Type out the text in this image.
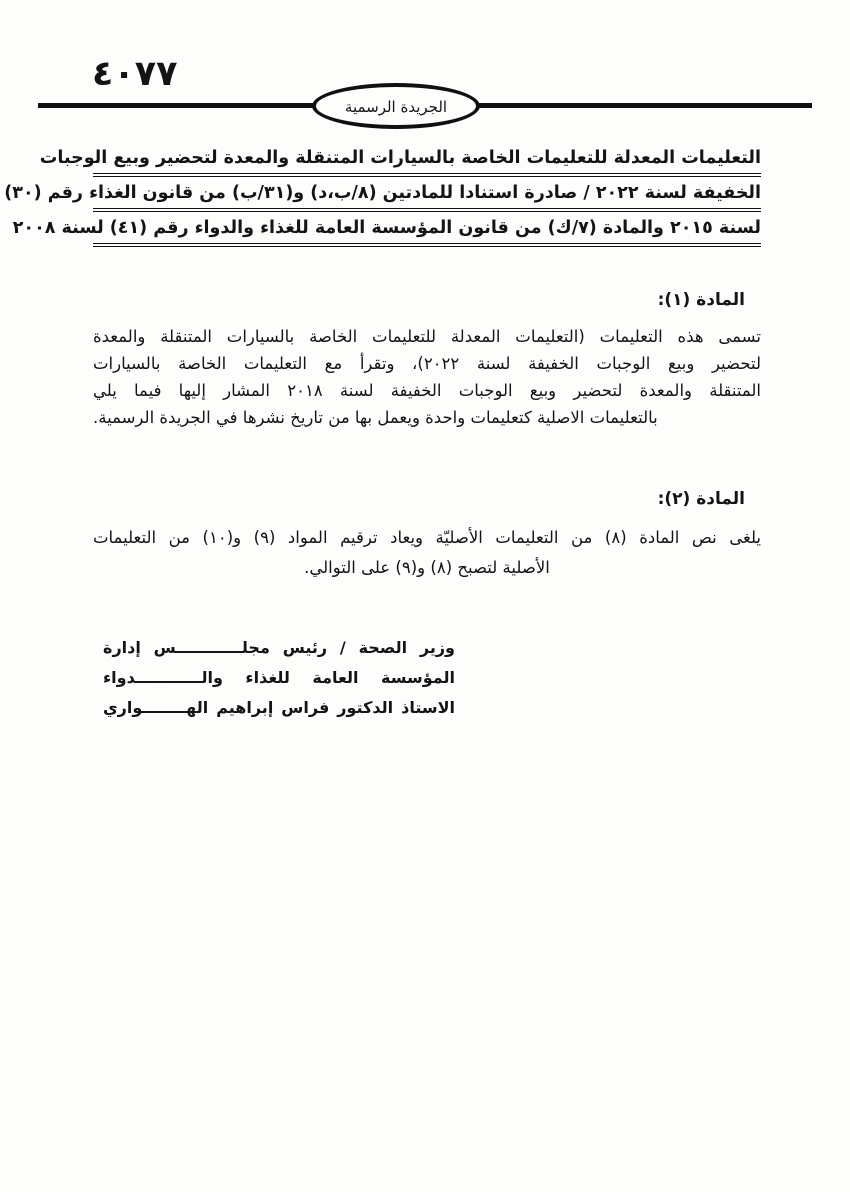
٤٠٧٧
الجريدة الرسمية
التعليمات المعدلة للتعليمات الخاصة بالسيارات المتنقلة والمعدة لتحضير وبيع الوجبات
الخفيفة لسنة ٢٠٢٢ / صادرة استنادا للمادتين (٨/ب،د) و(٣١/ب) من قانون الغذاء رقم (٣٠)
لسنة ٢٠١٥ والمادة (٧/ك) من قانون المؤسسة العامة للغذاء والدواء رقم (٤١) لسنة ٢٠٠٨
المادة (١):
تسمى هذه التعليمات (التعليمات المعدلة للتعليمات الخاصة بالسيارات المتنقلة والمعدة
لتحضير وبيع الوجبات الخفيفة لسنة ٢٠٢٢)، وتقرأ مع التعليمات الخاصة بالسيارات
المتنقلة والمعدة لتحضير وبيع الوجبات الخفيفة لسنة ٢٠١٨ المشار إليها فيما يلي
بالتعليمات الاصلية كتعليمات واحدة ويعمل بها من تاريخ نشرها في الجريدة الرسمية.
المادة (٢):
يلغى نص المادة (٨) من التعليمات الأصليّة ويعاد ترقيم المواد (٩) و(١٠) من التعليمات
الأصلية لتصبح (٨) و(٩) على التوالي.
وزير الصحة / رئيس مجلــــــــــــس إدارة
المؤسسة العامة للغذاء والــــــــــــدواء
الاستاذ الدكتور فراس إبراهيم الهــــــــواري
